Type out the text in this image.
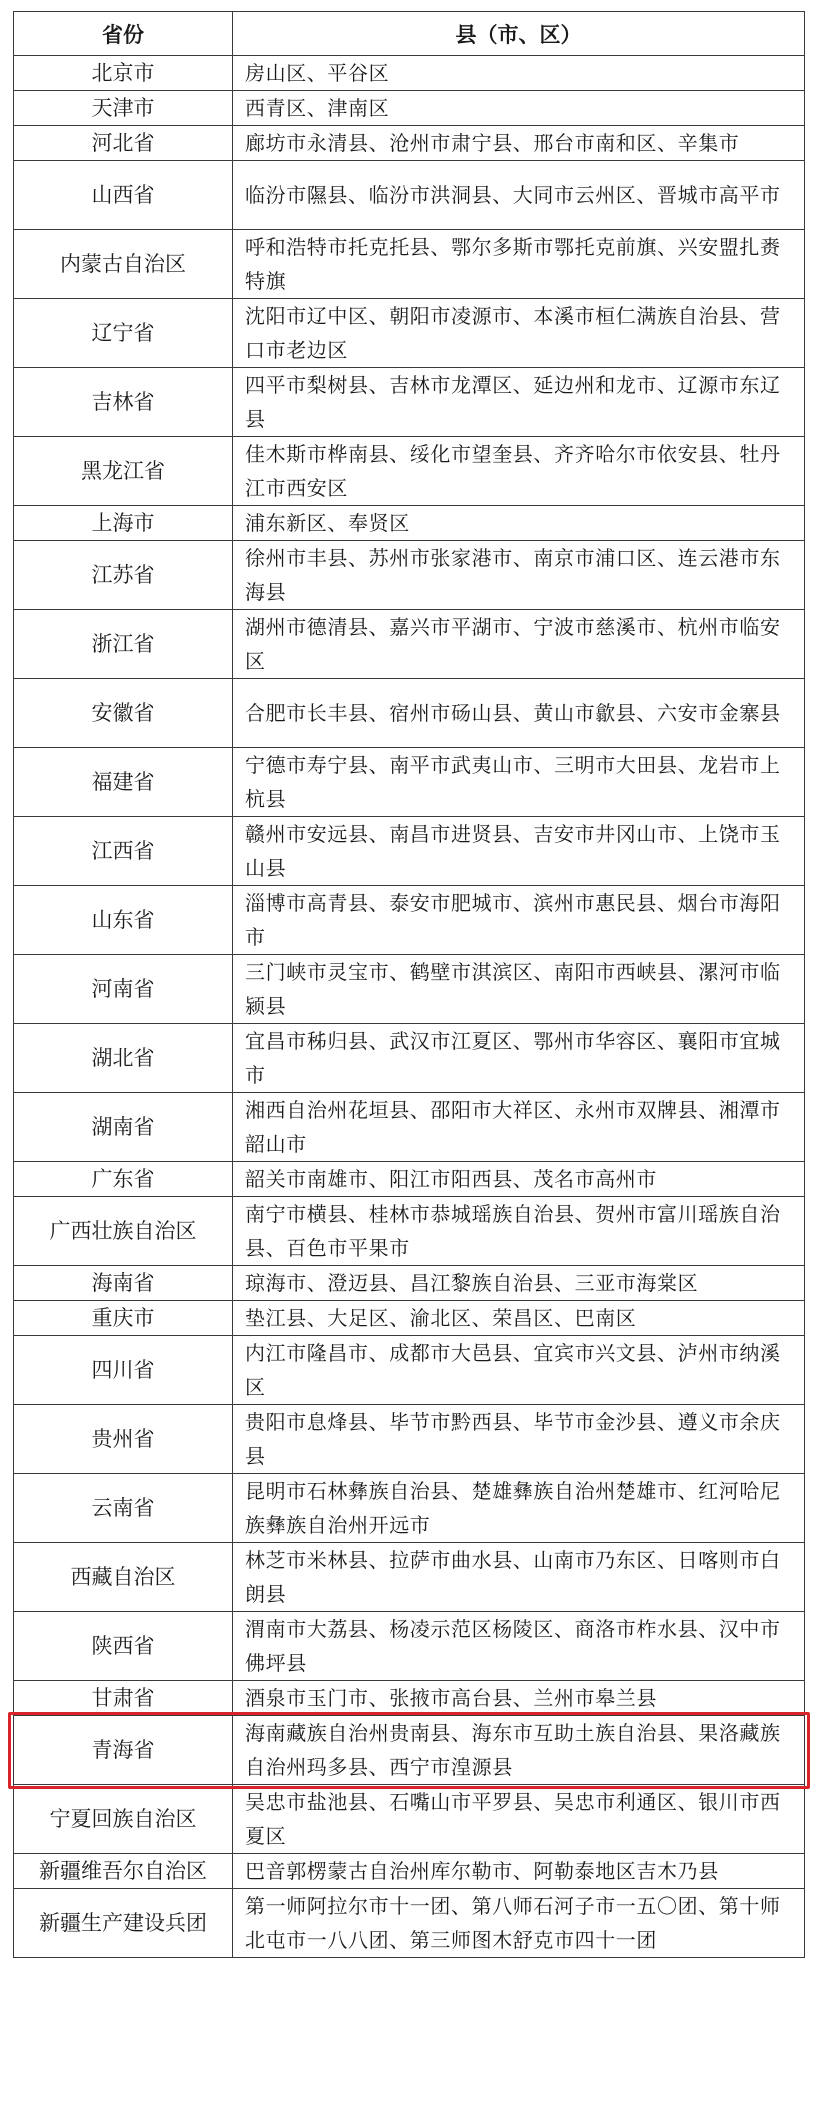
省份	县（市、区）
北京市	房山区、平谷区
天津市	西青区、津南区
河北省	廊坊市永清县、沧州市肃宁县、邢台市南和区、辛集市
山西省	临汾市隰县、临汾市洪洞县、大同市云州区、晋城市高平市
内蒙古自治区	呼和浩特市托克托县、鄂尔多斯市鄂托克前旗、兴安盟扎赉特旗
辽宁省	沈阳市辽中区、朝阳市凌源市、本溪市桓仁满族自治县、营口市老边区
吉林省	四平市梨树县、吉林市龙潭区、延边州和龙市、辽源市东辽县
黑龙江省	佳木斯市桦南县、绥化市望奎县、齐齐哈尔市依安县、牡丹江市西安区
上海市	浦东新区、奉贤区
江苏省	徐州市丰县、苏州市张家港市、南京市浦口区、连云港市东海县
浙江省	湖州市德清县、嘉兴市平湖市、宁波市慈溪市、杭州市临安区
安徽省	合肥市长丰县、宿州市砀山县、黄山市歙县、六安市金寨县
福建省	宁德市寿宁县、南平市武夷山市、三明市大田县、龙岩市上杭县
江西省	赣州市安远县、南昌市进贤县、吉安市井冈山市、上饶市玉山县
山东省	淄博市高青县、泰安市肥城市、滨州市惠民县、烟台市海阳市
河南省	三门峡市灵宝市、鹤壁市淇滨区、南阳市西峡县、漯河市临颍县
湖北省	宜昌市秭归县、武汉市江夏区、鄂州市华容区、襄阳市宜城市
湖南省	湘西自治州花垣县、邵阳市大祥区、永州市双牌县、湘潭市韶山市
广东省	韶关市南雄市、阳江市阳西县、茂名市高州市
广西壮族自治区	南宁市横县、桂林市恭城瑶族自治县、贺州市富川瑶族自治县、百色市平果市
海南省	琼海市、澄迈县、昌江黎族自治县、三亚市海棠区
重庆市	垫江县、大足区、渝北区、荣昌区、巴南区
四川省	内江市隆昌市、成都市大邑县、宜宾市兴文县、泸州市纳溪区
贵州省	贵阳市息烽县、毕节市黔西县、毕节市金沙县、遵义市余庆县
云南省	昆明市石林彝族自治县、楚雄彝族自治州楚雄市、红河哈尼族彝族自治州开远市
西藏自治区	林芝市米林县、拉萨市曲水县、山南市乃东区、日喀则市白朗县
陕西省	渭南市大荔县、杨凌示范区杨陵区、商洛市柞水县、汉中市佛坪县
甘肃省	酒泉市玉门市、张掖市高台县、兰州市皋兰县
青海省	海南藏族自治州贵南县、海东市互助土族自治县、果洛藏族自治州玛多县、西宁市湟源县
宁夏回族自治区	吴忠市盐池县、石嘴山市平罗县、吴忠市利通区、银川市西夏区
新疆维吾尔自治区	巴音郭楞蒙古自治州库尔勒市、阿勒泰地区吉木乃县
新疆生产建设兵团	第一师阿拉尔市十一团、第八师石河子市一五〇团、第十师北屯市一八八团、第三师图木舒克市四十一团
